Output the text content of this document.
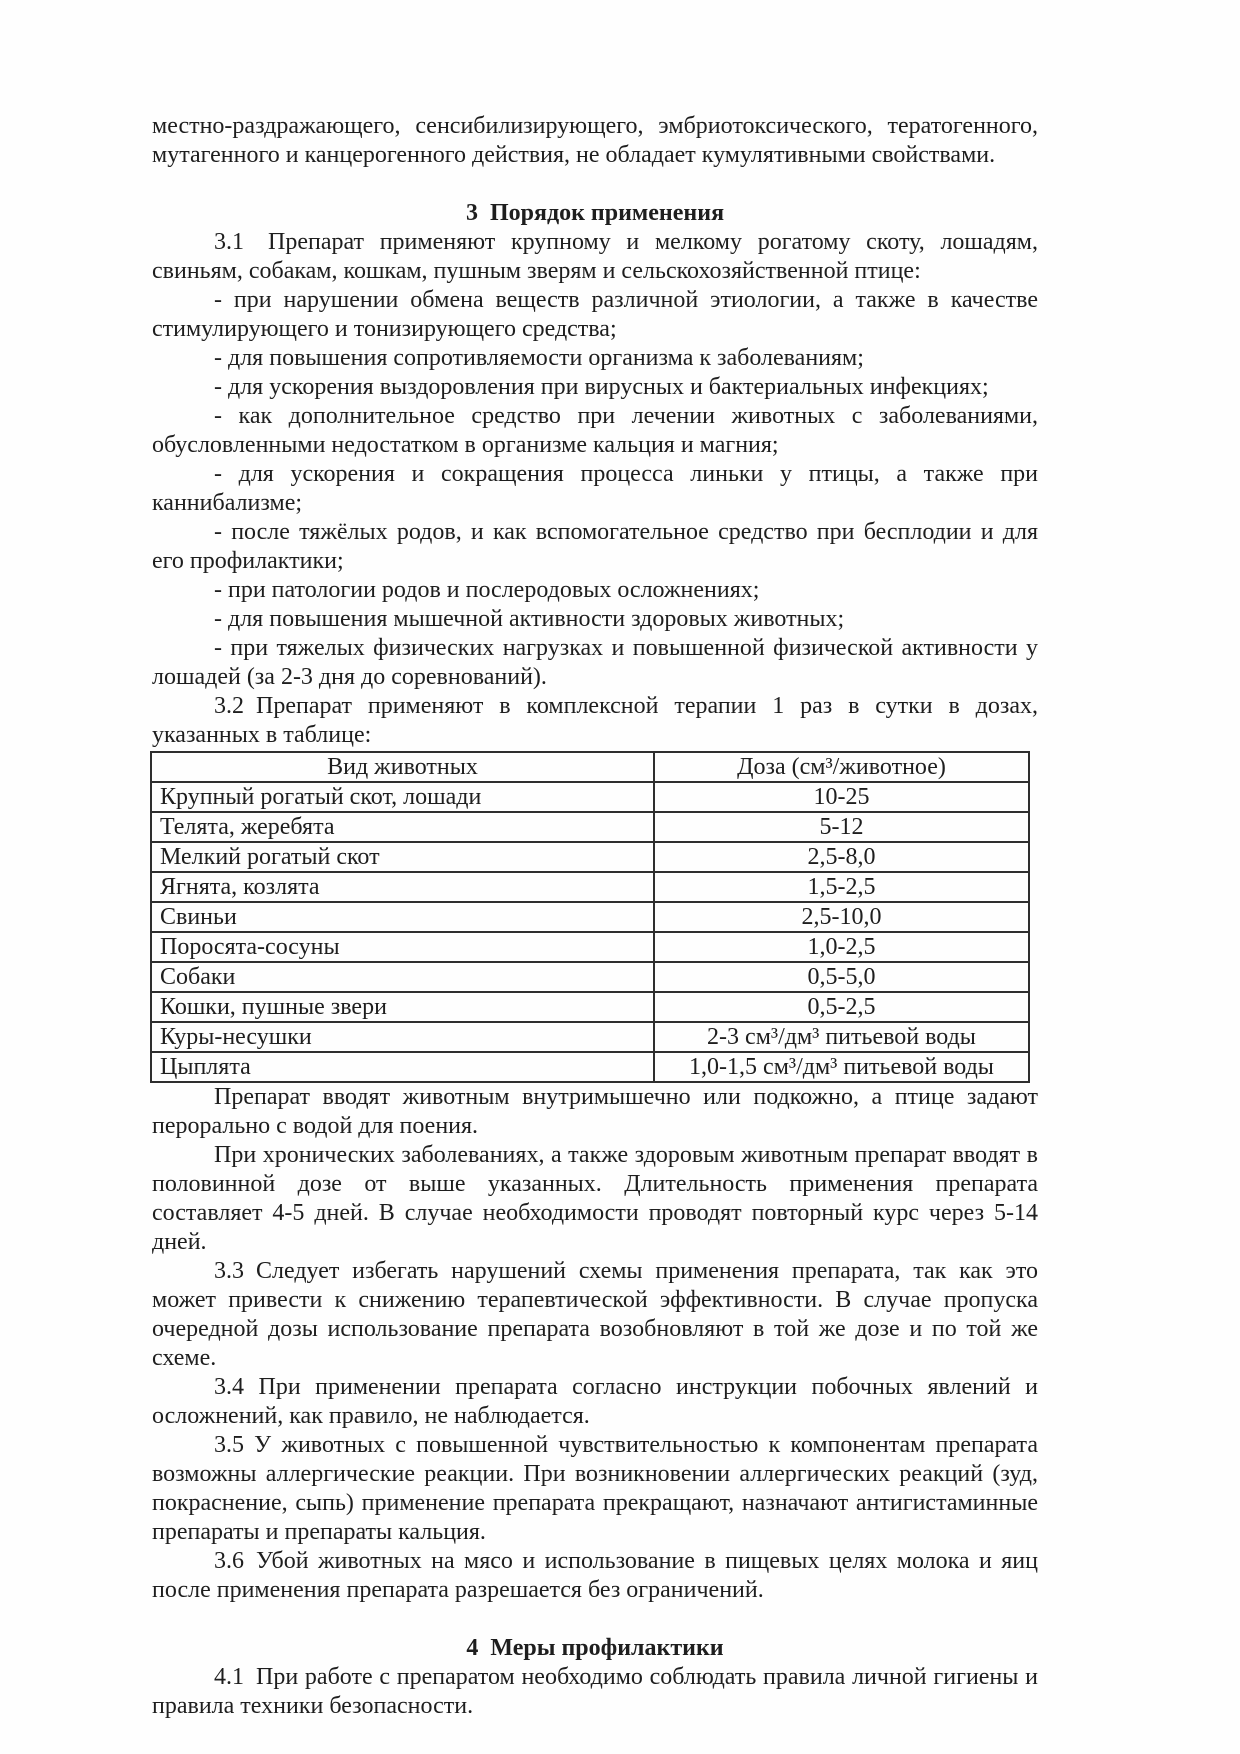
местно-раздражающего, сенсибилизирующего, эмбриотоксического, тератогенного, мутагенного и канцерогенного действия, не обладает кумулятивными свойствами.

3 Порядок применения

3.1 Препарат применяют крупному и мелкому рогатому скоту, лошадям, свиньям, собакам, кошкам, пушным зверям и сельскохозяйственной птице:

- при нарушении обмена веществ различной этиологии, а также в качестве стимулирующего и тонизирующего средства;

- для повышения сопротивляемости организма к заболеваниям;

- для ускорения выздоровления при вирусных и бактериальных инфекциях;

- как дополнительное средство при лечении животных с заболеваниями, обусловленными недостатком в организме кальция и магния;

- для ускорения и сокращения процесса линьки у птицы, а также при каннибализме;

- после тяжёлых родов, и как вспомогательное средство при бесплодии и для его профилактики;

- при патологии родов и послеродовых осложнениях;

- для повышения мышечной активности здоровых животных;

- при тяжелых физических нагрузках и повышенной физической активности у лошадей (за 2-3 дня до соревнований).

3.2 Препарат применяют в комплексной терапии 1 раз в сутки в дозах, указанных в таблице:

Вид животных	Доза (см³/животное)
Крупный рогатый скот, лошади	10-25
Телята, жеребята	5-12
Мелкий рогатый скот	2,5-8,0
Ягнята, козлята	1,5-2,5
Свиньи	2,5-10,0
Поросята-сосуны	1,0-2,5
Собаки	0,5-5,0
Кошки, пушные звери	0,5-2,5
Куры-несушки	2-3 см³/дм³ питьевой воды
Цыплята	1,0-1,5 см³/дм³ питьевой воды

Препарат вводят животным внутримышечно или подкожно, а птице задают перорально с водой для поения.

При хронических заболеваниях, а также здоровым животным препарат вводят в половинной дозе от выше указанных. Длительность применения препарата составляет 4-5 дней. В случае необходимости проводят повторный курс через 5-14 дней.

3.3 Следует избегать нарушений схемы применения препарата, так как это может привести к снижению терапевтической эффективности. В случае пропуска очередной дозы использование препарата возобновляют в той же дозе и по той же схеме.

3.4 При применении препарата согласно инструкции побочных явлений и осложнений, как правило, не наблюдается.

3.5 У животных с повышенной чувствительностью к компонентам препарата возможны аллергические реакции. При возникновении аллергических реакций (зуд, покраснение, сыпь) применение препарата прекращают, назначают антигистаминные препараты и препараты кальция.

3.6 Убой животных на мясо и использование в пищевых целях молока и яиц после применения препарата разрешается без ограничений.

4 Меры профилактики

4.1 При работе с препаратом необходимо соблюдать правила личной гигиены и правила техники безопасности.
